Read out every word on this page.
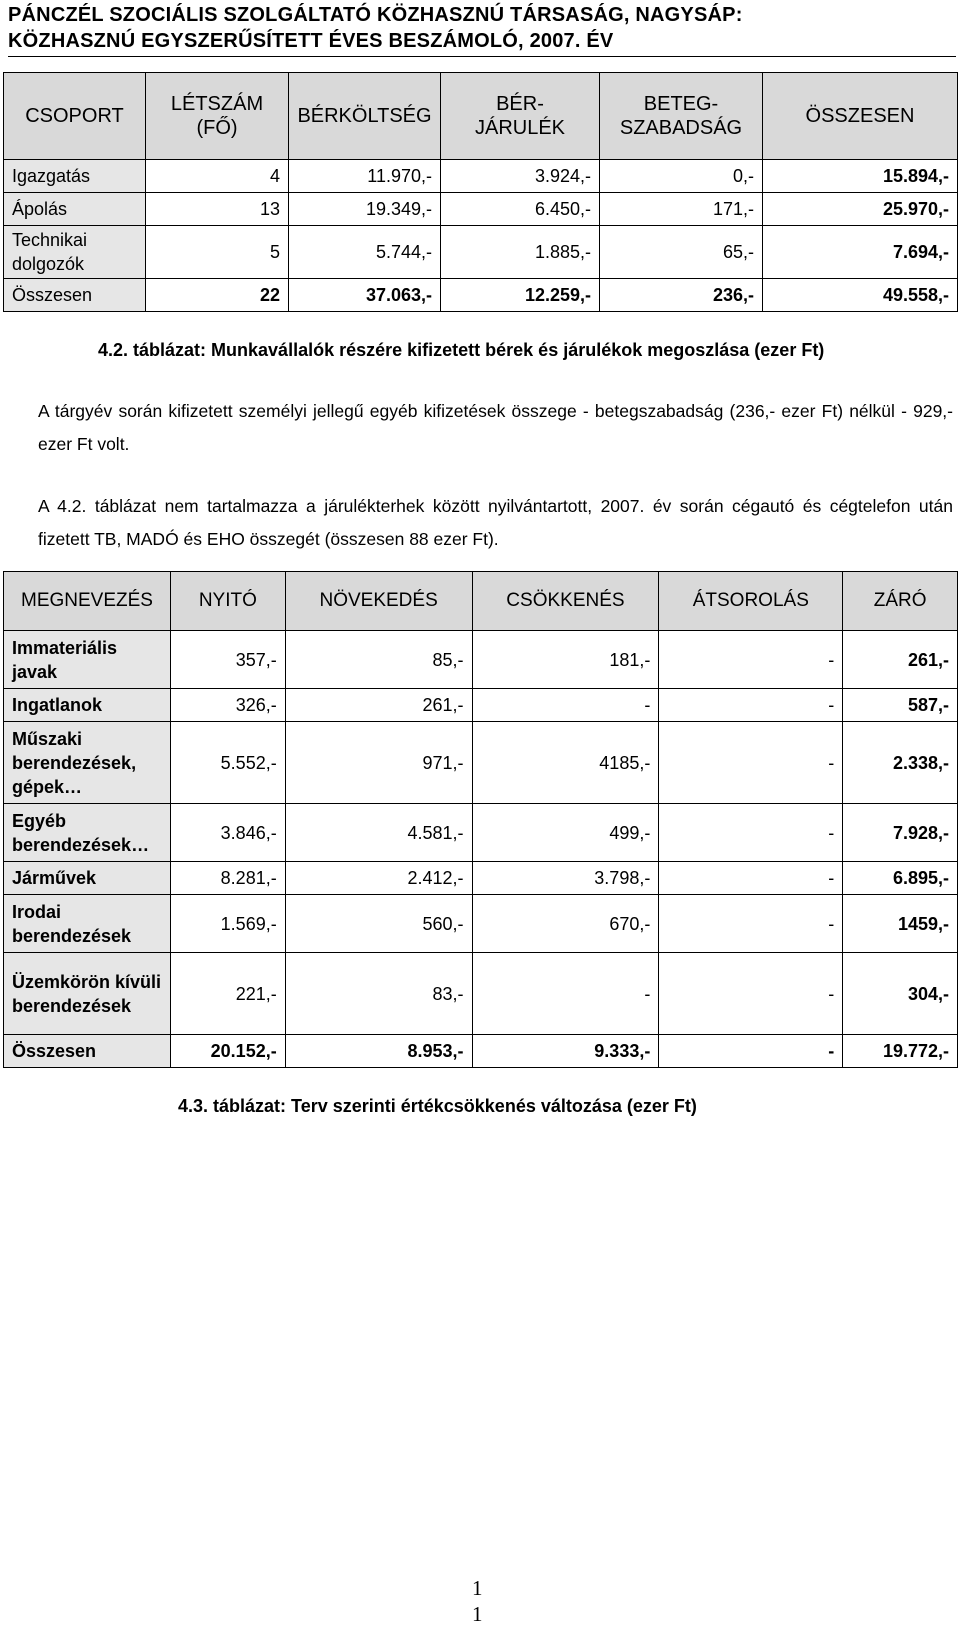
PÁNCZÉL SZOCIÁLIS SZOLGÁLTATÓ KÖZHASZNÚ TÁRSASÁG, NAGYSÁP:
KÖZHASZNÚ EGYSZERŰSÍTETT ÉVES BESZÁMOLÓ, 2007. ÉV
CSOPORT	LÉTSZÁM (FŐ)	BÉRKÖLTSÉG	BÉR-JÁRULÉK	BETEG-SZABADSÁG	ÖSSZESEN
Igazgatás	4	11.970,-	3.924,-	0,-	15.894,-
Ápolás	13	19.349,-	6.450,-	171,-	25.970,-
Technikai dolgozók	5	5.744,-	1.885,-	65,-	7.694,-
Összesen	22	37.063,-	12.259,-	236,-	49.558,-
4.2. táblázat: Munkavállalók részére kifizetett bérek és járulékok megoszlása (ezer Ft)
A tárgyév során kifizetett személyi jellegű egyéb kifizetések összege - betegszabadság (236,- ezer Ft) nélkül - 929,- ezer Ft volt.
A 4.2. táblázat nem tartalmazza a járulékterhek között nyilvántartott, 2007. év során cégautó és cégtelefon után fizetett TB, MADÓ és EHO összegét (összesen 88 ezer Ft).
MEGNEVEZÉS	NYITÓ	NÖVEKEDÉS	CSÖKKENÉS	ÁTSOROLÁS	ZÁRÓ
Immateriális javak	357,-	85,-	181,-	-	261,-
Ingatlanok	326,-	261,-	-	-	587,-
Műszaki berendezések, gépek…	5.552,-	971,-	4185,-	-	2.338,-
Egyéb berendezések…	3.846,-	4.581,-	499,-	-	7.928,-
Járművek	8.281,-	2.412,-	3.798,-	-	6.895,-
Irodai berendezések	1.569,-	560,-	670,-	-	1459,-
Üzemkörön kívüli berendezések	221,-	83,-	-	-	304,-
Összesen	20.152,-	8.953,-	9.333,-	-	19.772,-
4.3. táblázat: Terv szerinti értékcsökkenés változása (ezer Ft)
1
1
